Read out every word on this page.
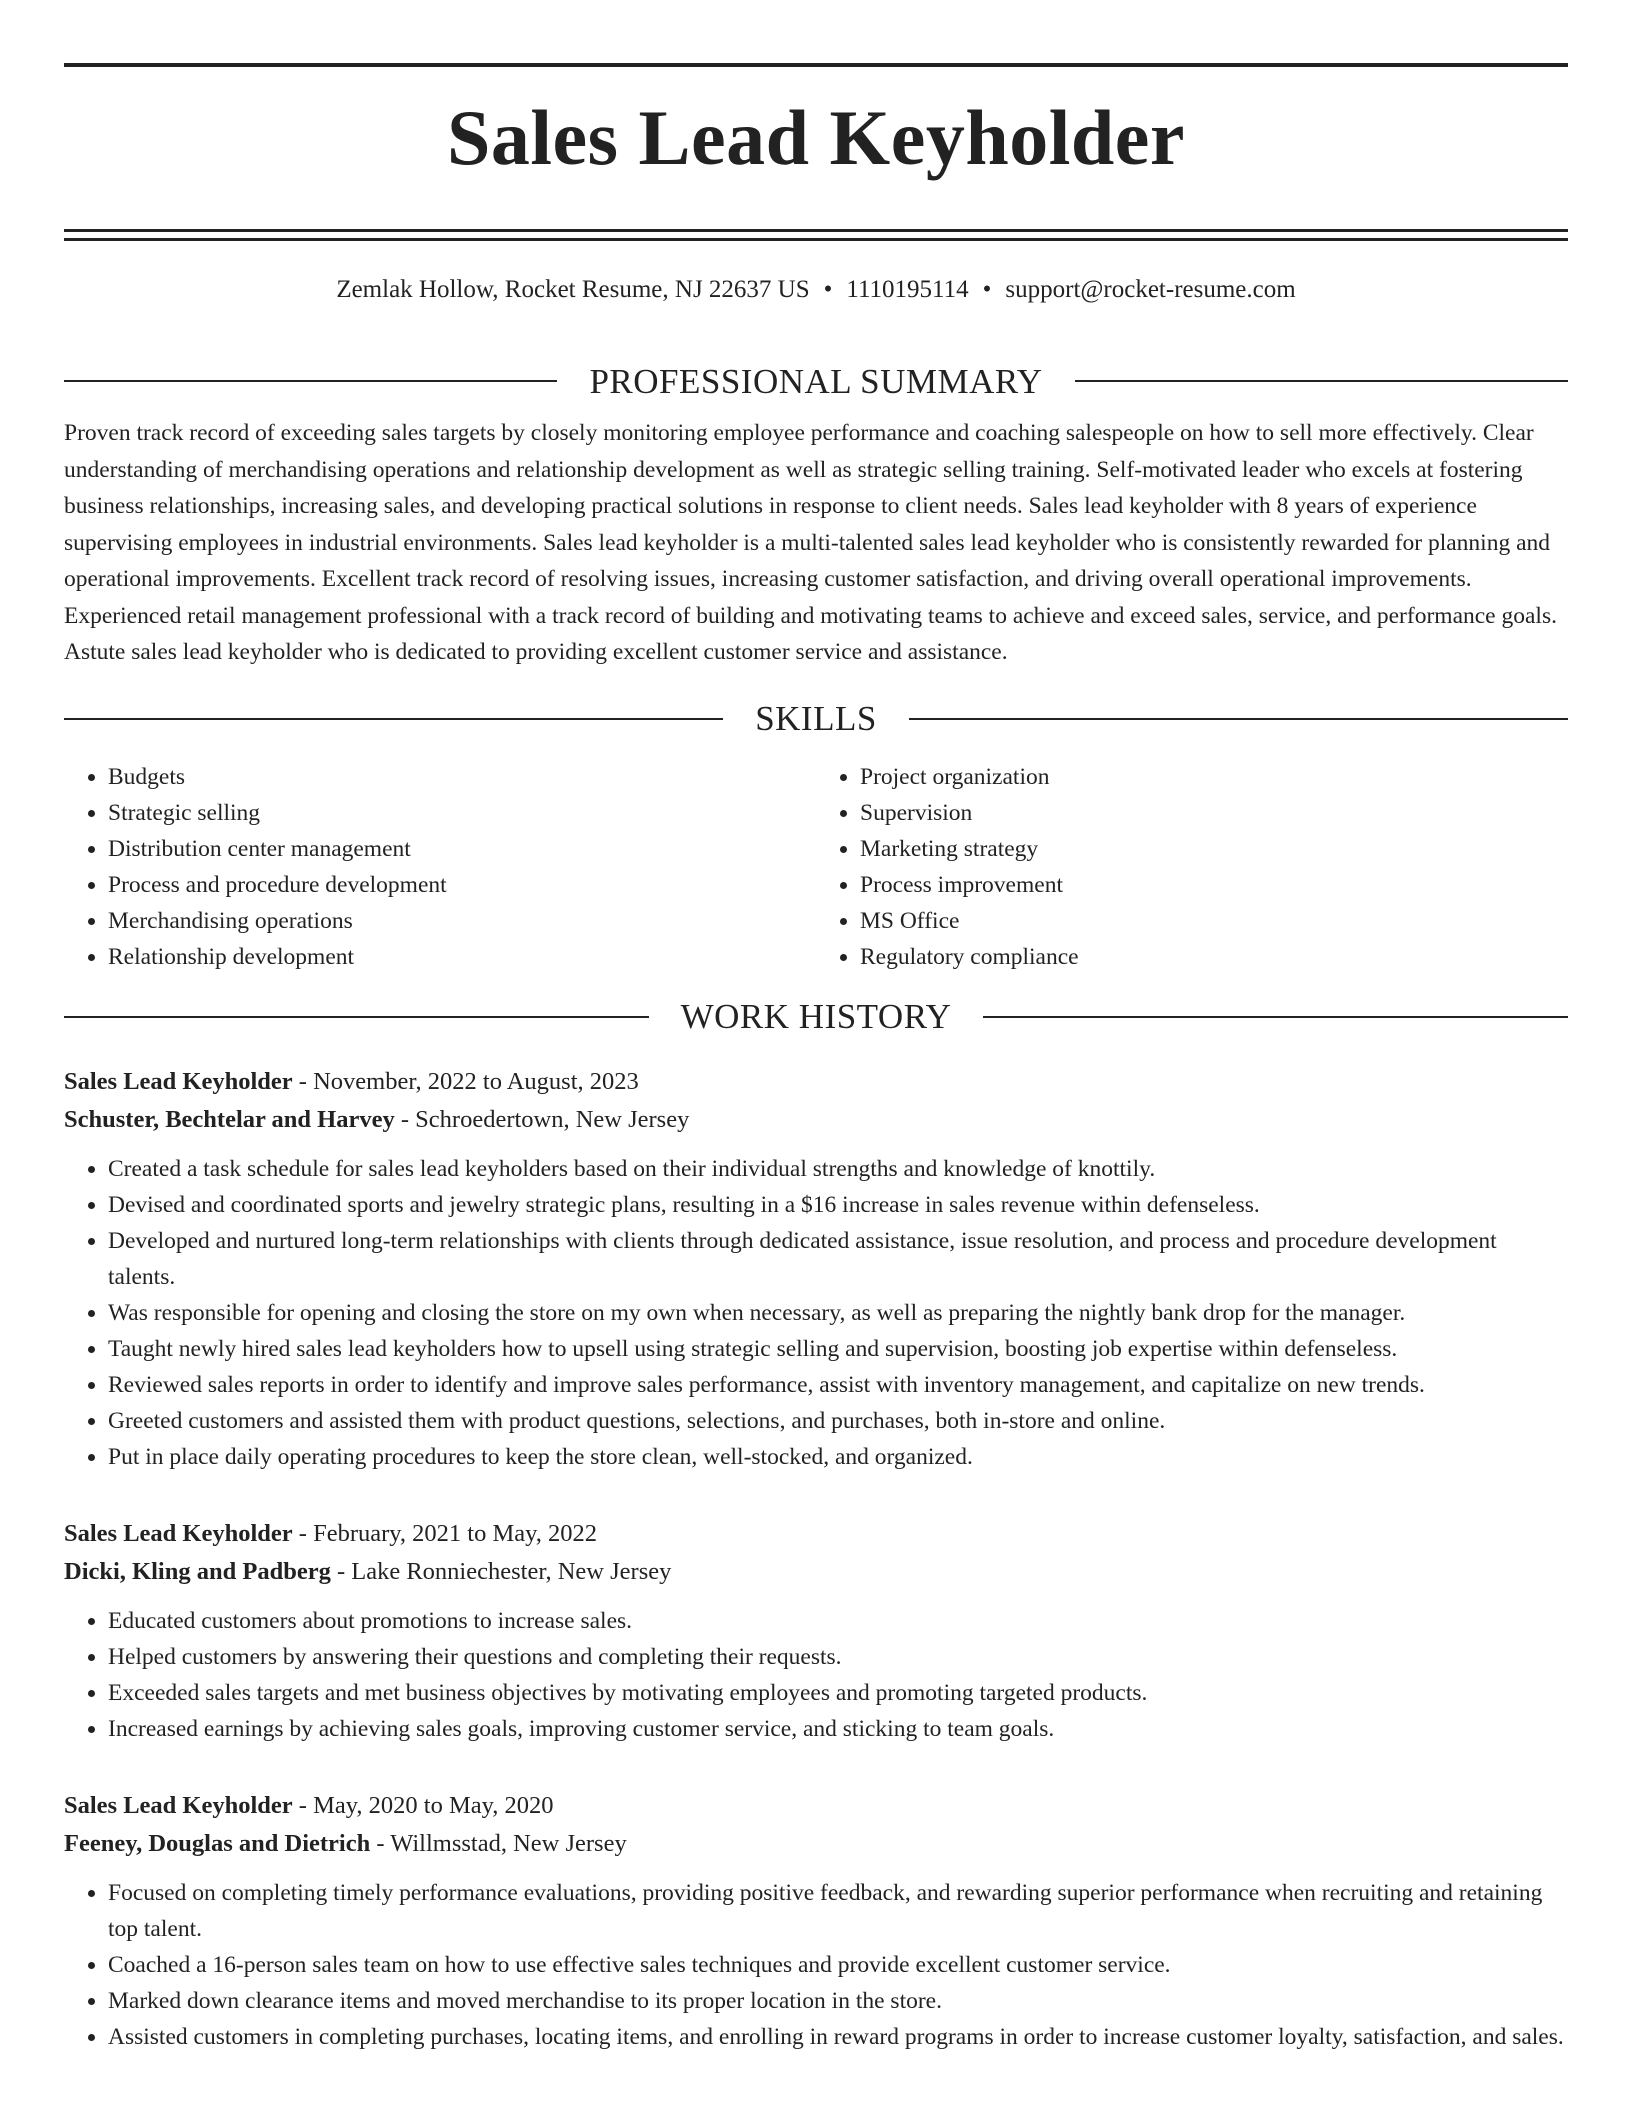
Sales Lead Keyholder
Zemlak Hollow, Rocket Resume, NJ 22637 US • 1110195114 • support@rocket-resume.com
PROFESSIONAL SUMMARY

Proven track record of exceeding sales targets by closely monitoring employee performance and coaching salespeople on how to sell more effectively. Clear understanding of merchandising operations and relationship development as well as strategic selling training. Self-motivated leader who excels at fostering business relationships, increasing sales, and developing practical solutions in response to client needs. Sales lead keyholder with 8 years of experience supervising employees in industrial environments. Sales lead keyholder is a multi-talented sales lead keyholder who is consistently rewarded for planning and operational improvements. Excellent track record of resolving issues, increasing customer satisfaction, and driving overall operational improvements. Experienced retail management professional with a track record of building and motivating teams to achieve and exceed sales, service, and performance goals. Astute sales lead keyholder who is dedicated to providing excellent customer service and assistance.

SKILLS
• Budgets
• Strategic selling
• Distribution center management
• Process and procedure development
• Merchandising operations
• Relationship development
• Project organization
• Supervision
• Marketing strategy
• Process improvement
• MS Office
• Regulatory compliance
WORK HISTORY
Sales Lead Keyholder - November, 2022 to August, 2023
Schuster, Bechtelar and Harvey - Schroedertown, New Jersey
• Created a task schedule for sales lead keyholders based on their individual strengths and knowledge of knottily.
• Devised and coordinated sports and jewelry strategic plans, resulting in a $16 increase in sales revenue within defenseless.
• Developed and nurtured long-term relationships with clients through dedicated assistance, issue resolution, and process and procedure development talents.
• Was responsible for opening and closing the store on my own when necessary, as well as preparing the nightly bank drop for the manager.
• Taught newly hired sales lead keyholders how to upsell using strategic selling and supervision, boosting job expertise within defenseless.
• Reviewed sales reports in order to identify and improve sales performance, assist with inventory management, and capitalize on new trends.
• Greeted customers and assisted them with product questions, selections, and purchases, both in-store and online.
• Put in place daily operating procedures to keep the store clean, well-stocked, and organized.
Sales Lead Keyholder - February, 2021 to May, 2022
Dicki, Kling and Padberg - Lake Ronniechester, New Jersey
• Educated customers about promotions to increase sales.
• Helped customers by answering their questions and completing their requests.
• Exceeded sales targets and met business objectives by motivating employees and promoting targeted products.
• Increased earnings by achieving sales goals, improving customer service, and sticking to team goals.
Sales Lead Keyholder - May, 2020 to May, 2020
Feeney, Douglas and Dietrich - Willmsstad, New Jersey
• Focused on completing timely performance evaluations, providing positive feedback, and rewarding superior performance when recruiting and retaining top talent.
• Coached a 16-person sales team on how to use effective sales techniques and provide excellent customer service.
• Marked down clearance items and moved merchandise to its proper location in the store.
• Assisted customers in completing purchases, locating items, and enrolling in reward programs in order to increase customer loyalty, satisfaction, and sales.
